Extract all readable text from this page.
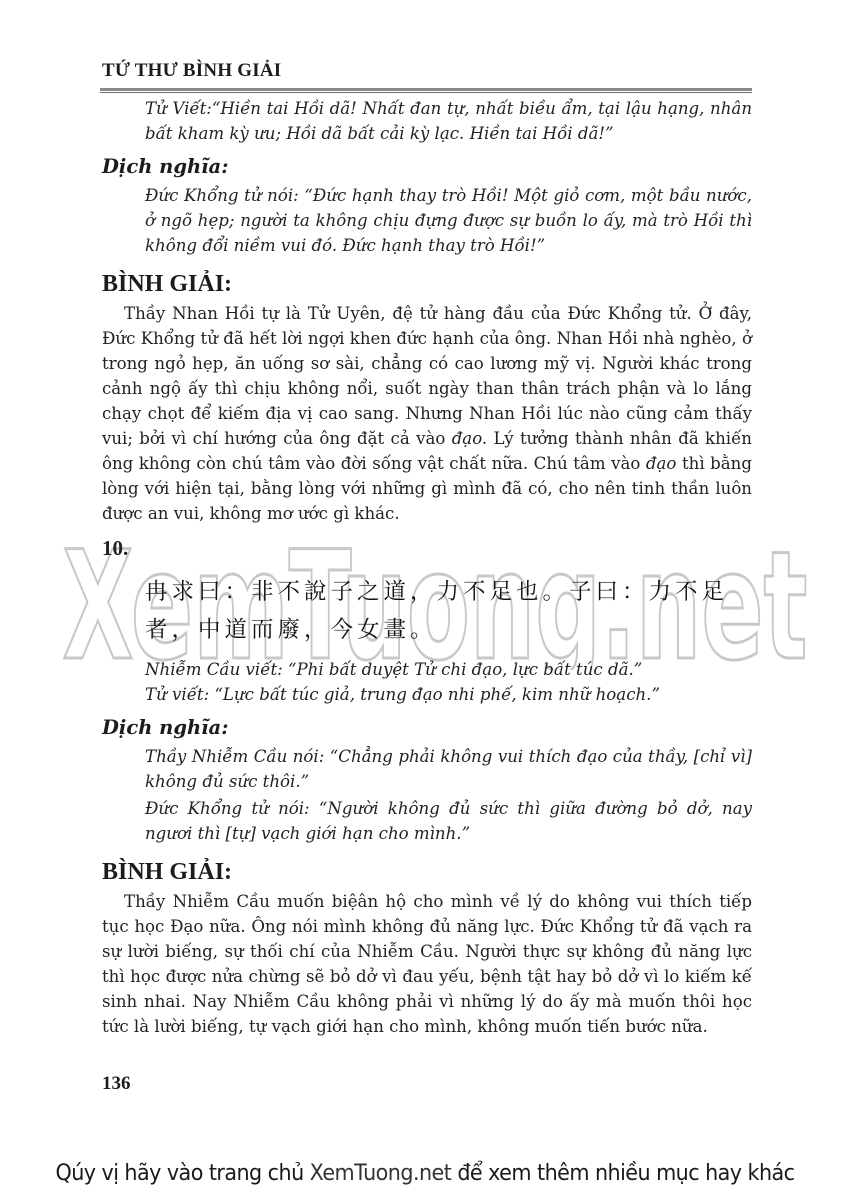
TỨ THƯ BÌNH GIẢI
XemTuong.net

Tử Viết:“Hiền tai Hồi dã! Nhất đan tự, nhất biều ẩm, tại lậu hạng, nhân bất kham kỳ ưu; Hồi dã bất cải kỳ lạc. Hiền tai Hồi dã!”

Dịch nghĩa:

Đức Khổng tử nói: “Đức hạnh thay trò Hồi! Một giỏ cơm, một bầu nước, ở ngõ hẹp; người ta không chịu đựng được sự buồn lo ấy, mà trò Hồi thì không đổi niềm vui đó. Đức hạnh thay trò Hồi!”

BÌNH GIẢI:

Thầy Nhan Hồi tự là Tử Uyên, đệ tử hàng đầu của Đức Khổng tử. Ở đây, Đức Khổng tử đã hết lời ngợi khen đức hạnh của ông. Nhan Hồi nhà nghèo, ở trong ngỏ hẹp, ăn uống sơ sài, chẳng có cao lương mỹ vị. Người khác trong cảnh ngộ ấy thì chịu không nổi, suốt ngày than thân trách phận và lo lắng chạy chọt để kiếm địa vị cao sang. Nhưng Nhan Hồi lúc nào cũng cảm thấy vui; bởi vì chí hướng của ông đặt cả vào đạo. Lý tưởng thành nhân đã khiến ông không còn chú tâm vào đời sống vật chất nữa. Chú tâm vào đạo thì bằng lòng với hiện tại, bằng lòng với những gì mình đã có, cho nên tinh thần luôn được an vui, không mơ ước gì khác.

10.
冉求曰：非不說子之道，力不足也。子曰：力不足
者，中道而廢，今女畫。

Nhiễm Cầu viết: “Phi bất duyệt Tử chi đạo, lực bất túc dã.”

Tử viết: “Lực bất túc giả, trung đạo nhi phế, kim nhữ hoạch.”

Dịch nghĩa:

Thầy Nhiễm Cầu nói: “Chẳng phải không vui thích đạo của thầy, [chỉ vì] không đủ sức thôi.”

Đức Khổng tử nói: “Người không đủ sức thì giữa đường bỏ dở, nay ngươi thì [tự] vạch giới hạn cho mình.”

BÌNH GIẢI:

Thầy Nhiễm Cầu muốn biệân hộ cho mình về lý do không vui thích tiếp tục học Đạo nữa. Ông nói mình không đủ năng lực. Đức Khổng tử đã vạch ra sự lười biếng, sự thối chí của Nhiễm Cầu. Người thực sự không đủ năng lực thì học được nửa chừng sẽ bỏ dở vì đau yếu, bệnh tật hay bỏ dở vì lo kiếm kế sinh nhai. Nay Nhiễm Cầu không phải vì những lý do ấy mà muốn thôi học tức là lười biếng, tự vạch giới hạn cho mình, không muốn tiến bước nữa.

136
Qúy vị hãy vào trang chủ XemTuong.net để xem thêm nhiều mục hay khác
